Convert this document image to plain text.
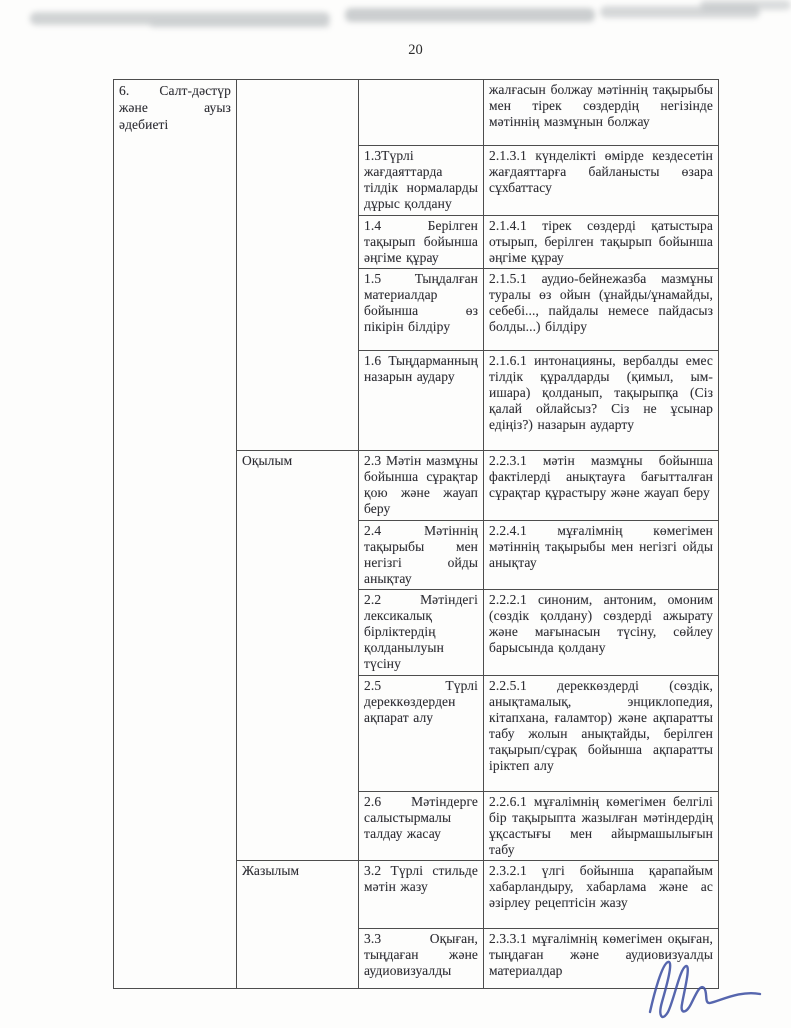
20
6. Салт-дәстүр және ауыз әдебиеті			жалғасын болжау мәтіннің тақырыбы мен тірек сөздердің негізінде мәтіннің мазмұнын болжау
		1.3Түрлі жағдаяттарда тілдік нормаларды дұрыс қолдану	2.1.3.1 күнделікті өмірде кездесетін жағдаяттарға байланысты өзара сұхбаттасу
		1.4 Берілген тақырып бойынша әңгіме құрау	2.1.4.1 тірек сөздерді қатыстыра отырып, берілген тақырып бойынша әңгіме құрау
		1.5 Тыңдалған материалдар бойынша өз пікірін білдіру	2.1.5.1 аудио-бейнежазба мазмұны туралы өз ойын (ұнайды/ұнамайды, себебі..., пайдалы немесе пайдасыз болды...) білдіру
		1.6 Тыңдарманның назарын аудару	2.1.6.1 интонацияны, вербалды емес тілдік құралдарды (қимыл, ым-ишара) қолданып, тақырыпқа (Сіз қалай ойлайсыз? Сіз не ұсынар едіңіз?) назарын аударту
	Оқылым	2.3 Мәтін мазмұны бойынша сұрақтар қою және жауап беру	2.2.3.1 мәтін мазмұны бойынша фактілерді анықтауға бағытталған сұрақтар құрастыру және жауап беру
		2.4 Мәтіннің тақырыбы мен негізгі ойды анықтау	2.2.4.1 мұғалімнің көмегімен мәтіннің тақырыбы мен негізгі ойды анықтау
		2.2 Мәтіндегі лексикалық бірліктердің қолданылуын түсіну	2.2.2.1 синоним, антоним, омоним (сөздік қолдану) сөздерді ажырату және мағынасын түсіну, сөйлеу барысында қолдану
		2.5 Түрлі дереккөздерден ақпарат алу	2.2.5.1 дереккөздерді (сөздік, анықтамалық, энциклопедия, кітапхана, ғаламтор) және ақпаратты табу жолын анықтайды, берілген тақырып/сұрақ бойынша ақпаратты іріктеп алу
		2.6 Мәтіндерге салыстырмалы талдау жасау	2.2.6.1 мұғалімнің көмегімен белгілі бір тақырыпта жазылған мәтіндердің ұқсастығы мен айырмашылығын табу
	Жазылым	3.2 Түрлі стильде мәтін жазу	2.3.2.1 үлгі бойынша қарапайым хабарландыру, хабарлама және ас әзірлеу рецептісін жазу
		3.3 Оқыған, тыңдаған және аудиовизуалды	2.3.3.1 мұғалімнің көмегімен оқыған, тыңдаған және аудиовизуалды материалдар
